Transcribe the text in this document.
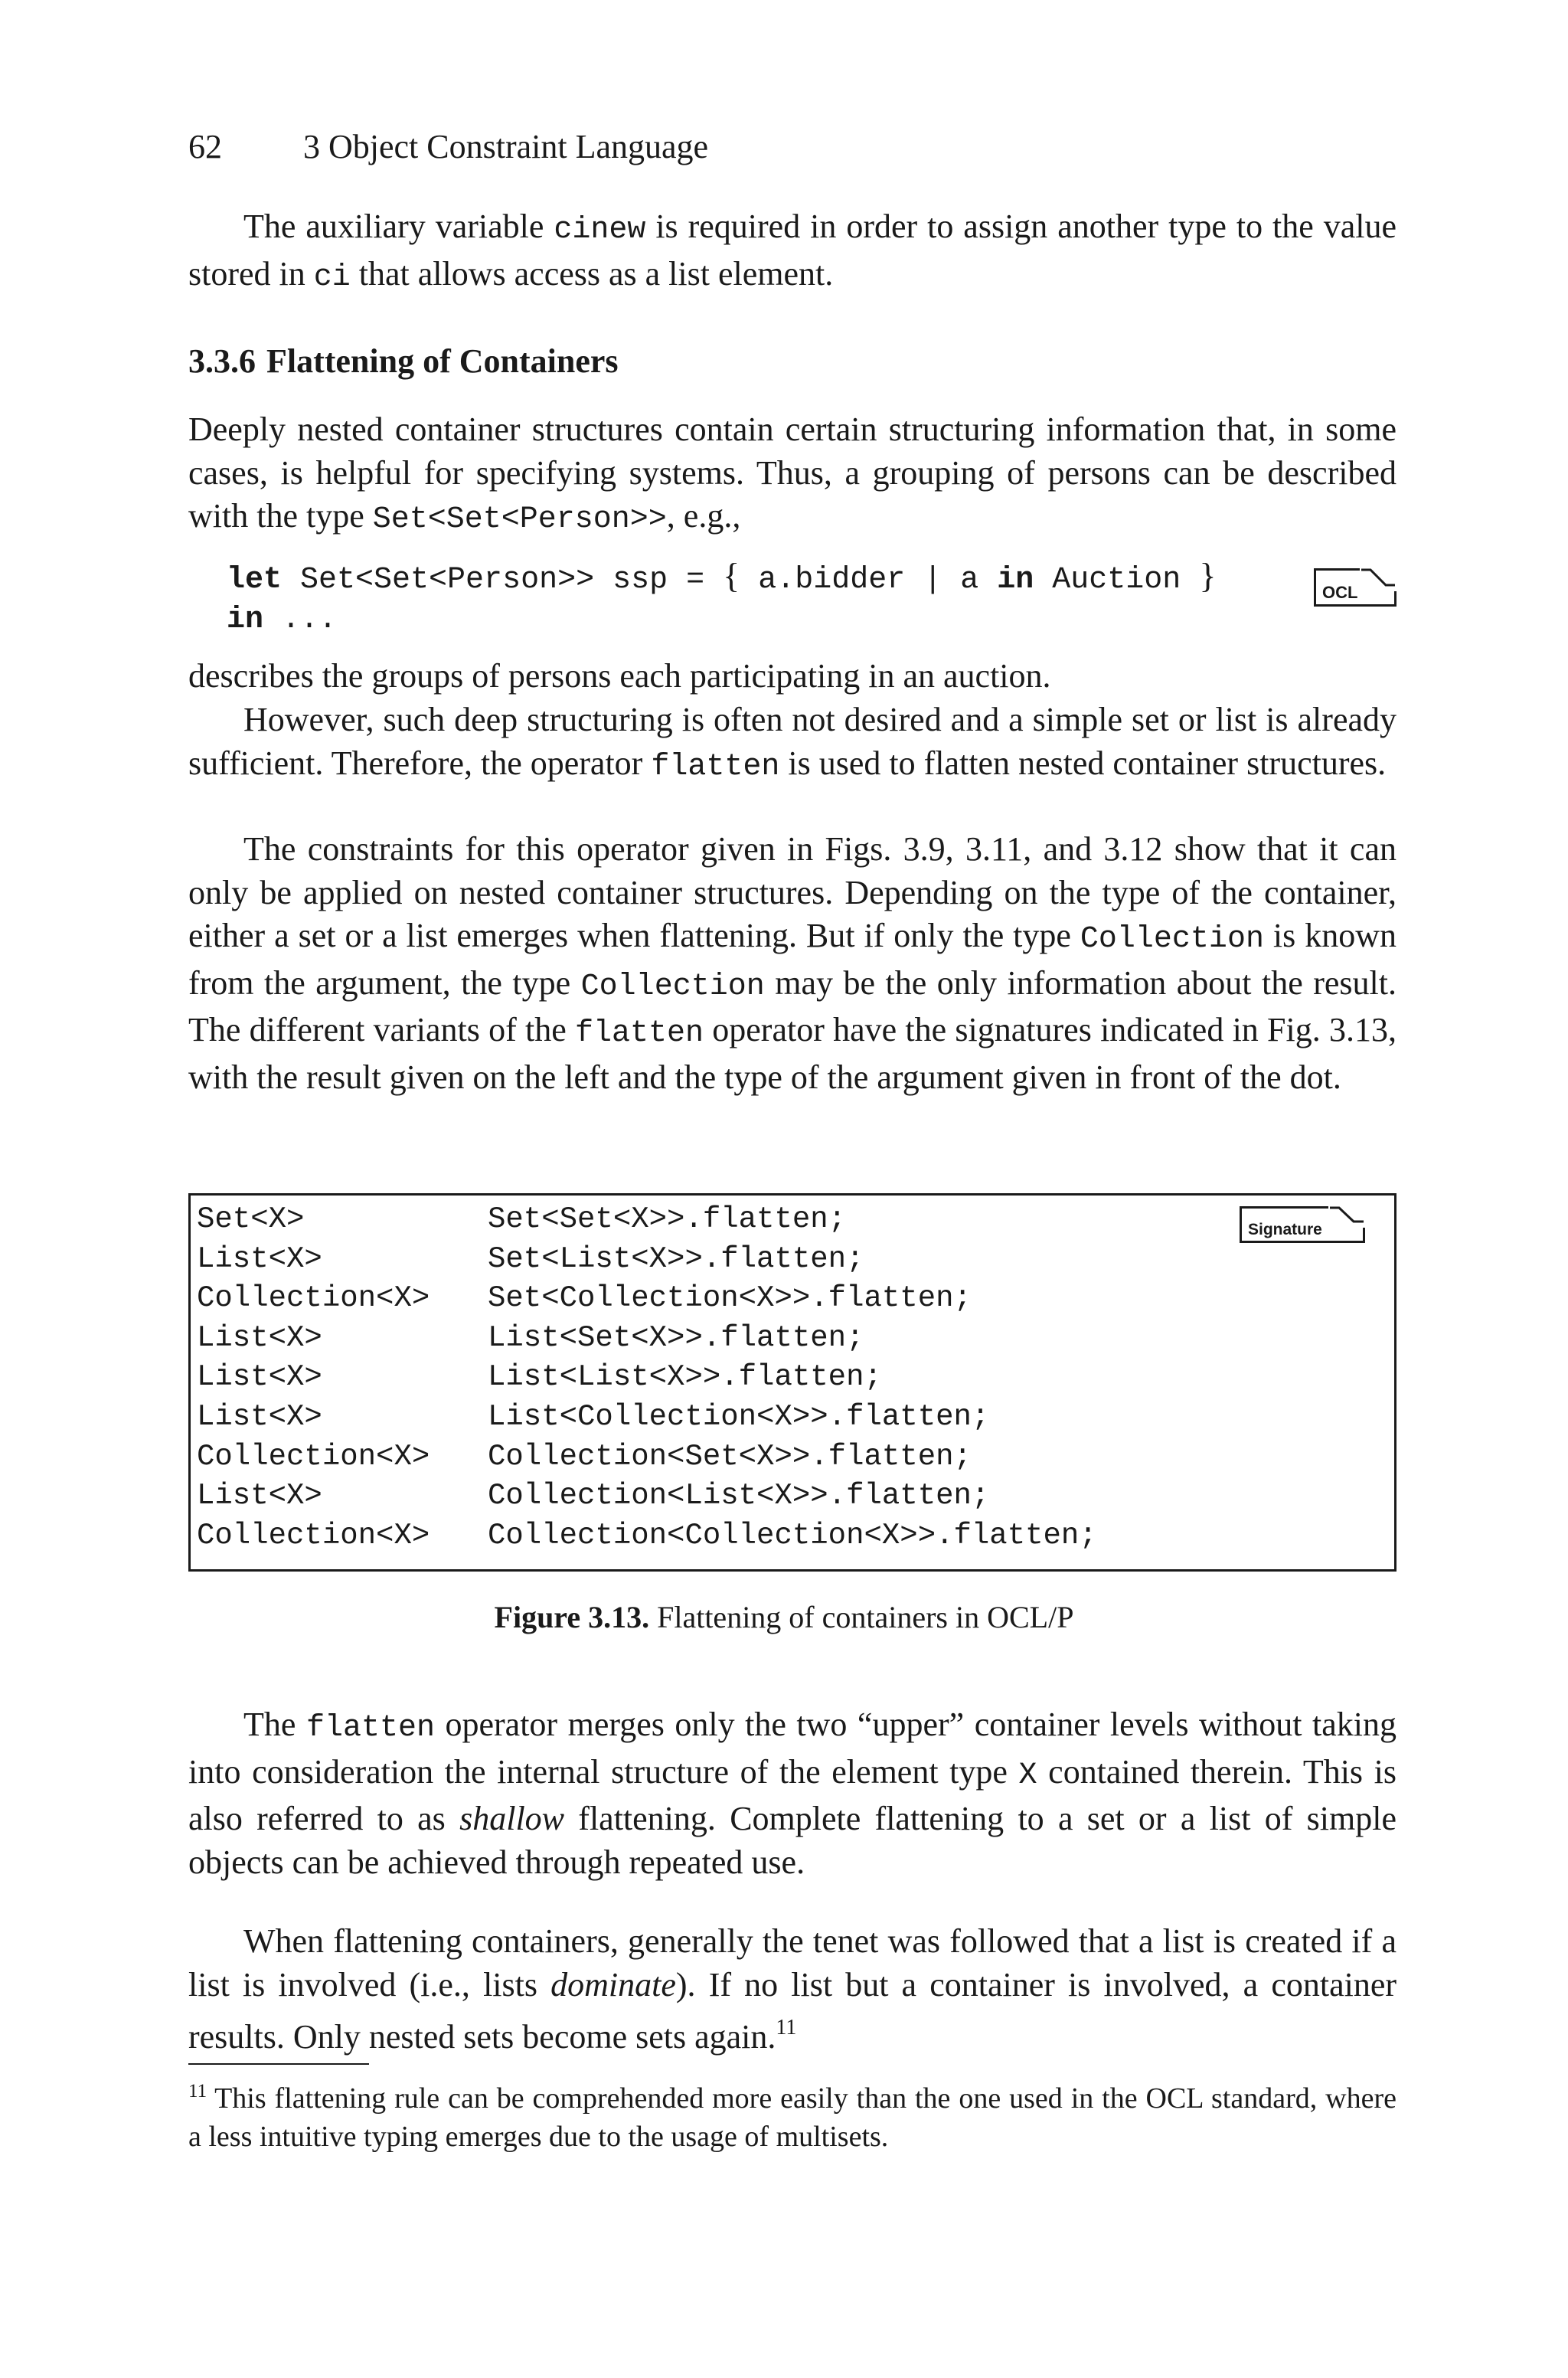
62 3 Object Constraint Language

The auxiliary variable cinew is required in order to assign another type to the value stored in ci that allows access as a list element.

3.3.6 Flattening of Containers

Deeply nested container structures contain certain structuring information that, in some cases, is helpful for specifying systems. Thus, a grouping of persons can be described with the type Set<Set<Person>>, e.g.,

let Set<Set<Person>> ssp = { a.bidder | a in Auction }
in ...
OCL

describes the groups of persons each participating in an auction.

However, such deep structuring is often not desired and a simple set or list is already sufficient. Therefore, the operator flatten is used to flatten nested container structures.

The constraints for this operator given in Figs. 3.9, 3.11, and 3.12 show that it can only be applied on nested container structures. Depending on the type of the container, either a set or a list emerges when flattening. But if only the type Collection is known from the argument, the type Collection may be the only information about the result. The different variants of the flatten operator have the signatures indicated in Fig. 3.13, with the result given on the left and the type of the argument given in front of the dot.

Set<X>	Set<Set<X>>.flatten;
List<X>	Set<List<X>>.flatten;
Collection<X>	Set<Collection<X>>.flatten;
List<X>	List<Set<X>>.flatten;
List<X>	List<List<X>>.flatten;
List<X>	List<Collection<X>>.flatten;
Collection<X>	Collection<Set<X>>.flatten;
List<X>	Collection<List<X>>.flatten;
Collection<X>	Collection<Collection<X>>.flatten;
Signature
Figure 3.13. Flattening of containers in OCL/P

The flatten operator merges only the two “upper” container levels without taking into consideration the internal structure of the element type X contained therein. This is also referred to as shallow flattening. Complete flattening to a set or a list of simple objects can be achieved through repeated use.

When flattening containers, generally the tenet was followed that a list is created if a list is involved (i.e., lists dominate). If no list but a container is involved, a container results. Only nested sets become sets again.$^{11}$

$^{11}$ This flattening rule can be comprehended more easily than the one used in the OCL standard, where a less intuitive typing emerges due to the usage of multisets.
